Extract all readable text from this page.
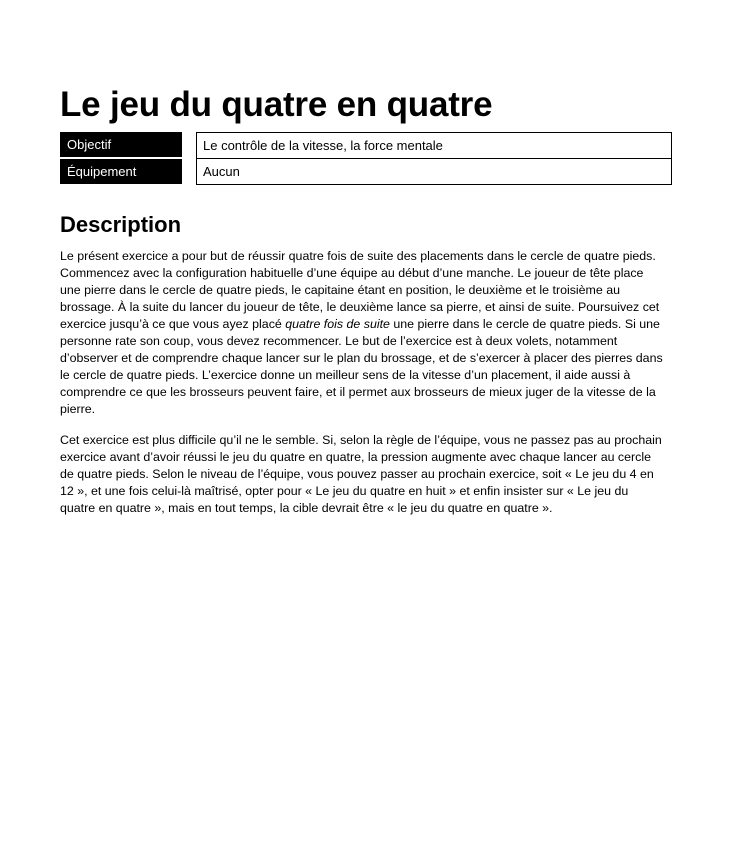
Le jeu du quatre en quatre
Objectif	Le contrôle de la vitesse, la force mentale
Équipement	Aucun
Description

Le présent exercice a pour but de réussir quatre fois de suite des placements dans le cercle de quatre pieds. Commencez avec la configuration habituelle d’une équipe au début d’une manche. Le joueur de tête place une pierre dans le cercle de quatre pieds, le capitaine étant en position, le deuxième et le troisième au brossage. À la suite du lancer du joueur de tête, le deuxième lance sa pierre, et ainsi de suite. Poursuivez cet exercice jusqu’à ce que vous ayez placé quatre fois de suite une pierre dans le cercle de quatre pieds. Si une personne rate son coup, vous devez recommencer. Le but de l’exercice est à deux volets, notamment d’observer et de comprendre chaque lancer sur le plan du brossage, et de s’exercer à placer des pierres dans le cercle de quatre pieds. L’exercice donne un meilleur sens de la vitesse d’un placement, il aide aussi à comprendre ce que les brosseurs peuvent faire, et il permet aux brosseurs de mieux juger de la vitesse de la pierre.

Cet exercice est plus difficile qu’il ne le semble. Si, selon la règle de l’équipe, vous ne passez pas au prochain exercice avant d’avoir réussi le jeu du quatre en quatre, la pression augmente avec chaque lancer au cercle de quatre pieds. Selon le niveau de l’équipe, vous pouvez passer au prochain exercice, soit « Le jeu du 4 en 12 », et une fois celui-là maîtrisé, opter pour « Le jeu du quatre en huit » et enfin insister sur « Le jeu du quatre en quatre », mais en tout temps, la cible devrait être « le jeu du quatre en quatre ».
